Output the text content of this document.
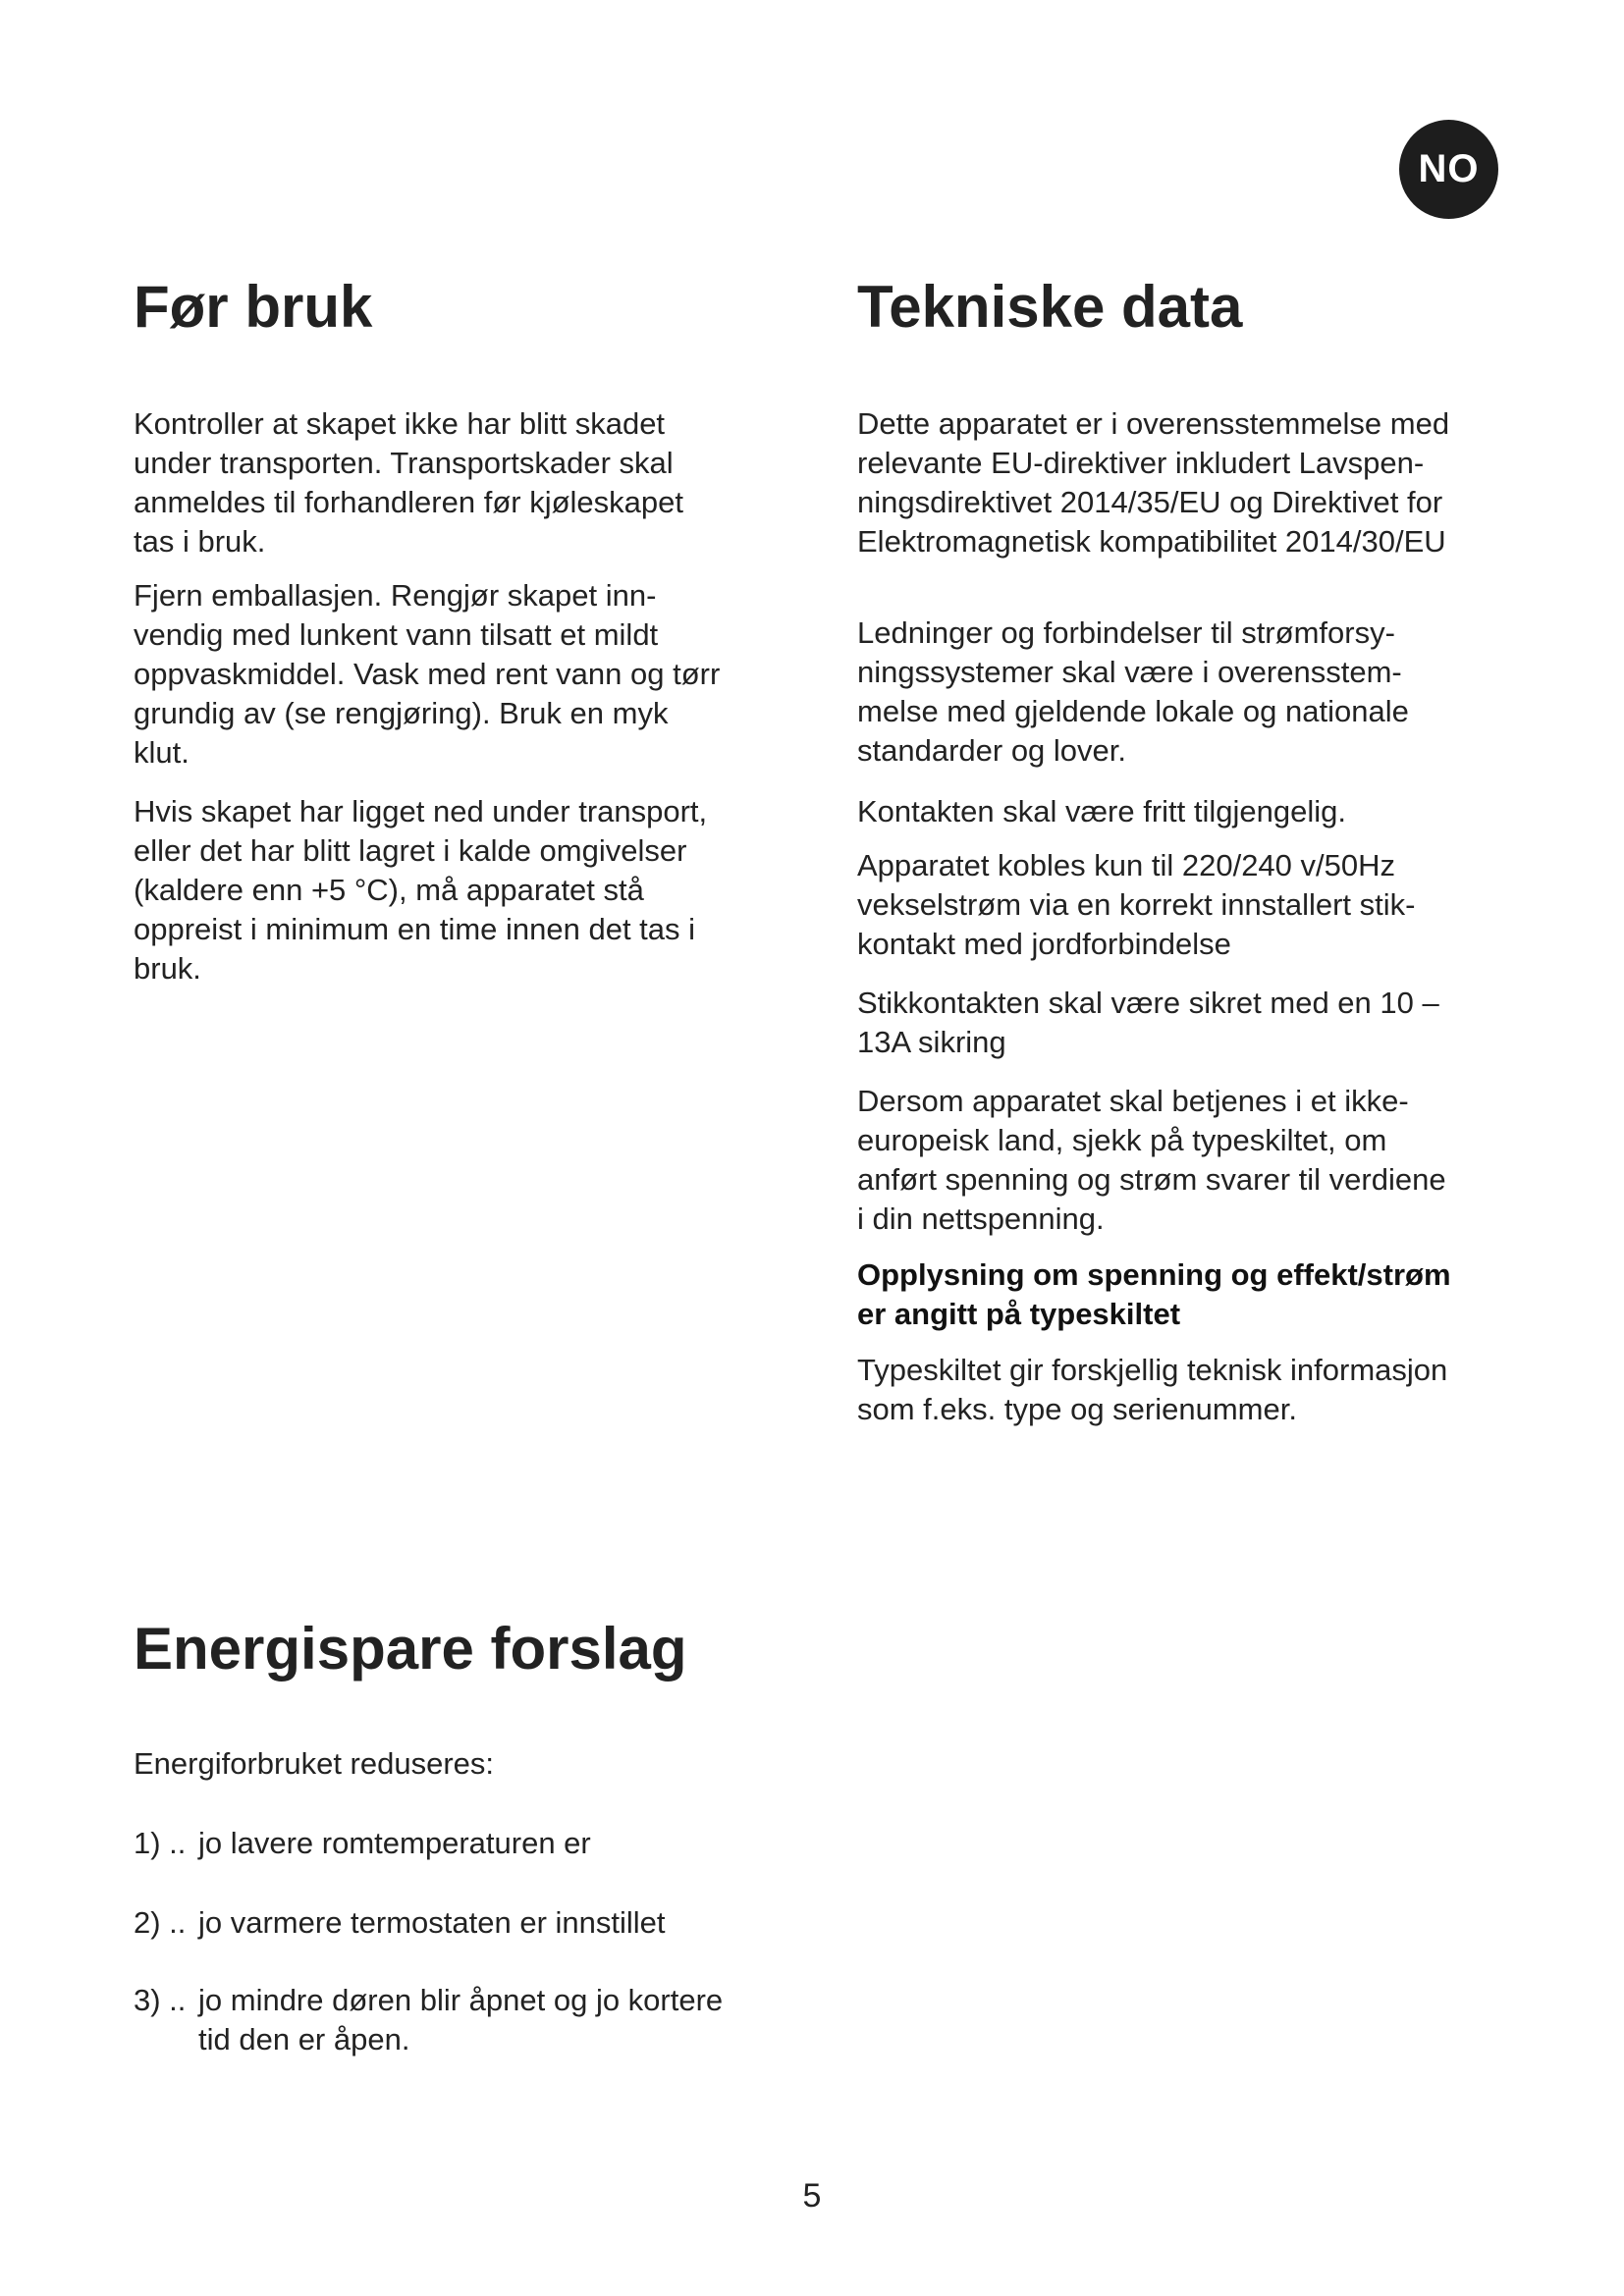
NO
Før bruk

Kontroller at skapet ikke har blitt skadet
under transporten. Transportskader skal
anmeldes til forhandleren før kjøleskapet
tas i bruk.

Fjern emballasjen. Rengjør skapet inn-
vendig med lunkent vann tilsatt et mildt
oppvaskmiddel. Vask med rent vann og tørr
grundig av (se rengjøring). Bruk en myk
klut.

Hvis skapet har ligget ned under transport,
eller det har blitt lagret i kalde omgivelser
(kaldere enn +5 °C), må apparatet stå
oppreist i minimum en time innen det tas i
bruk.

Tekniske data

Dette apparatet er i overensstemmelse med
relevante EU-direktiver inkludert Lavspen-
ningsdirektivet 2014/35/EU og Direktivet for
Elektromagnetisk kompatibilitet 2014/30/EU

Ledninger og forbindelser til strømforsy-
ningssystemer skal være i overensstem-
melse med gjeldende lokale og nationale
standarder og lover.

Kontakten skal være fritt tilgjengelig.

Apparatet kobles kun til 220/240 v/50Hz
vekselstrøm via en korrekt innstallert stik-
kontakt med jordforbindelse

Stikkontakten skal være sikret med en 10 –
13A sikring

Dersom apparatet skal betjenes i et ikke-
europeisk land, sjekk på typeskiltet, om
anført spenning og strøm svarer til verdiene
i din nettspenning.

Opplysning om spenning og effekt/strøm
er angitt på typeskiltet

Typeskiltet gir forskjellig teknisk informasjon
som f.eks. type og serienummer.

Energispare forslag

Energiforbruket reduseres:

1) .. jo lavere romtemperaturen er
2) .. jo varmere termostaten er innstillet
3) .. jo mindre døren blir åpnet og jo kortere
tid den er åpen.
5
